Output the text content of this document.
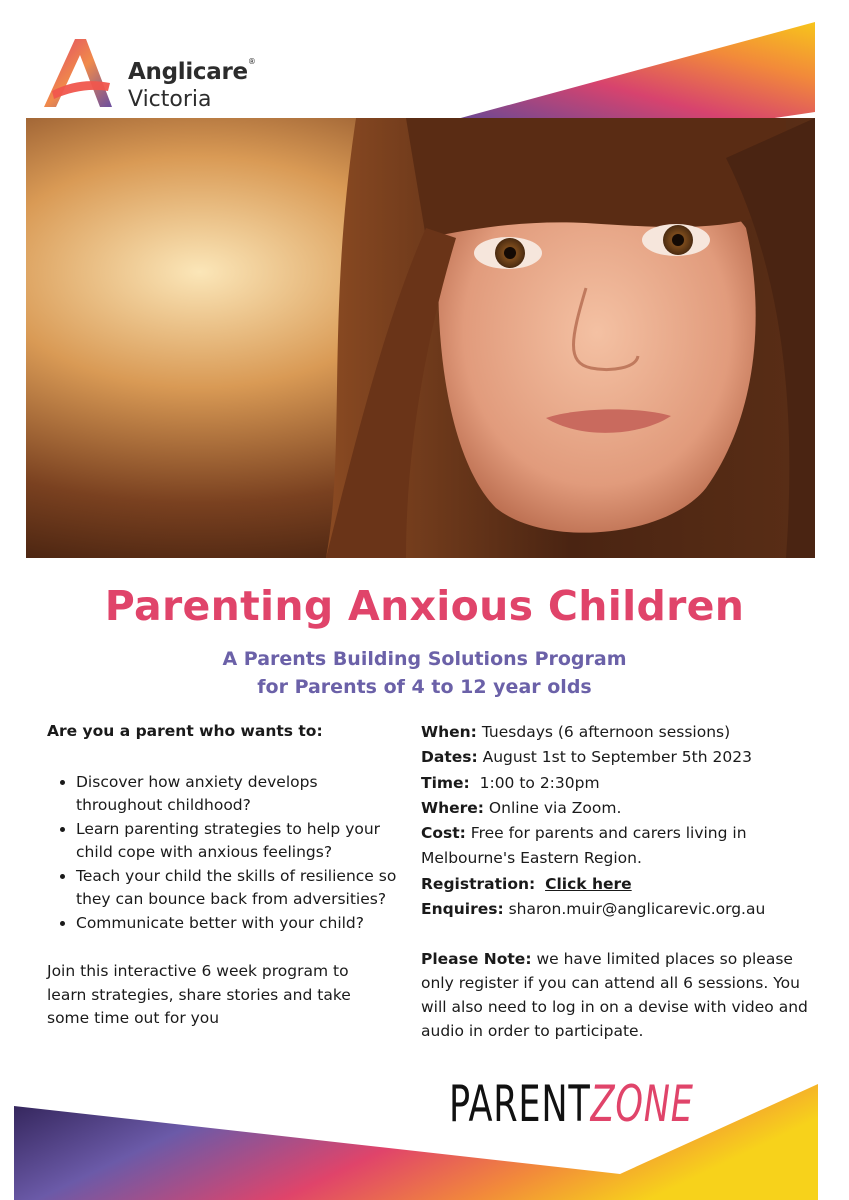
Anglicare®
Victoria
Parenting Anxious Children
A Parents Building Solutions Program
for Parents of 4 to 12 year olds

Are you a parent who wants to:

• Discover how anxiety develops throughout childhood?
• Learn parenting strategies to help your child cope with anxious feelings?
• Teach your child the skills of resilience so they can bounce back from adversities?
• Communicate better with your child?

Join this interactive 6 week program to learn strategies, share stories and take some time out for you

When: Tuesdays (6 afternoon sessions)
Dates: August 1st to September 5th 2023
Time:  1:00 to 2:30pm
Where: Online via Zoom.
Cost: Free for parents and carers living in Melbourne's Eastern Region.
Registration: Click here
Enquires: sharon.muir@anglicarevic.org.au
Please Note: we have limited places so please only register if you can attend all 6 sessions. You will also need to log in on a devise with video and audio in order to participate.
PARENTZONE
